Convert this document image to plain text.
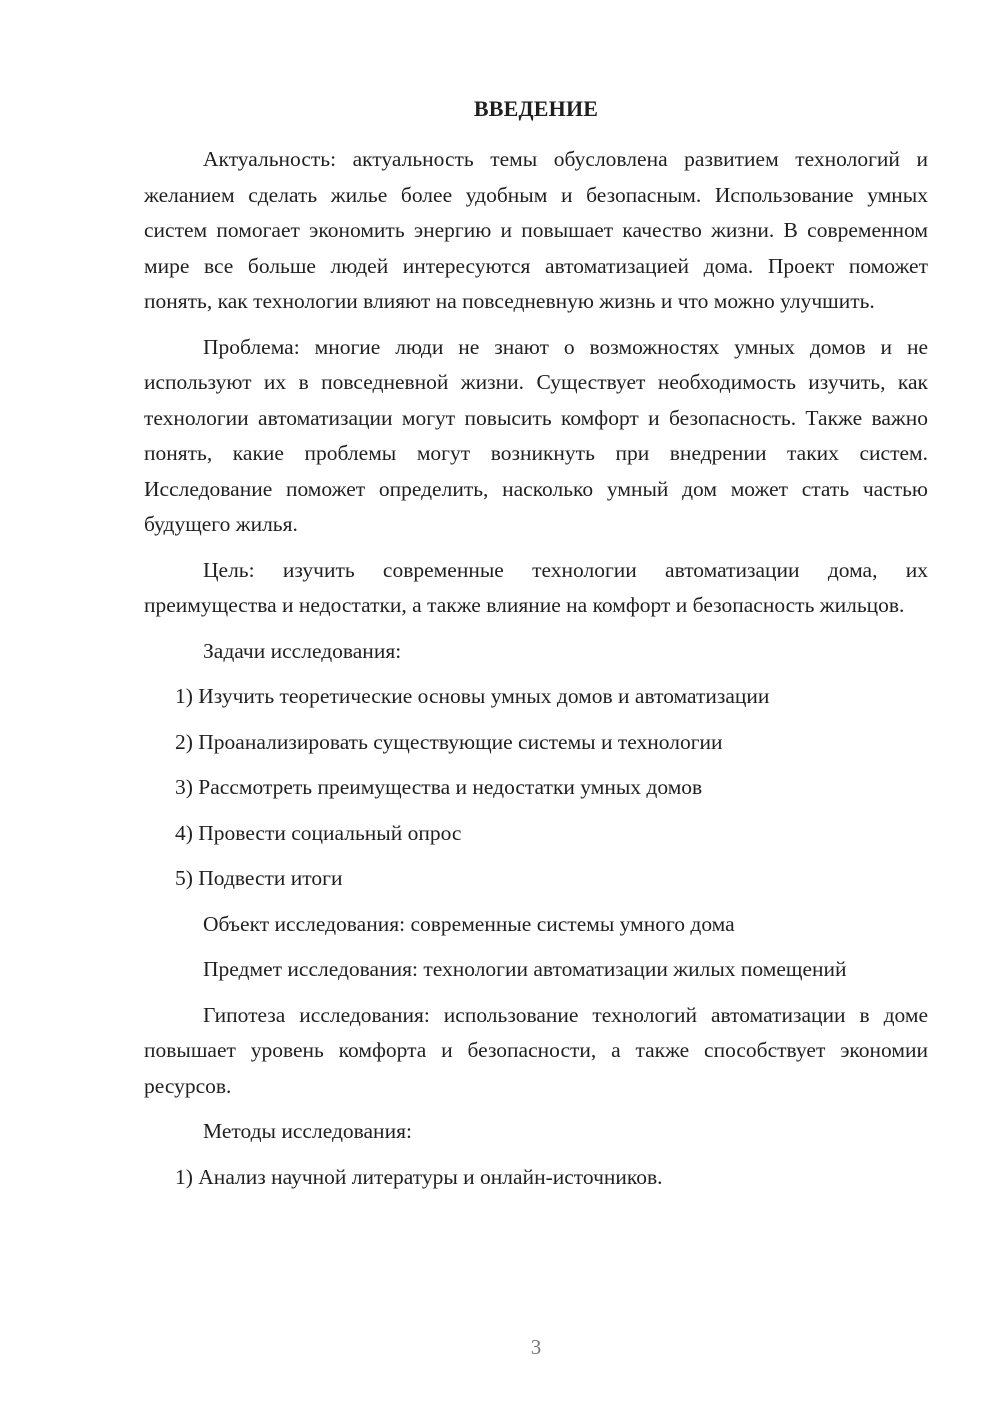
ВВЕДЕНИЕ

Актуальность: актуальность темы обусловлена развитием технологий и желанием сделать жилье более удобным и безопасным. Использование умных систем помогает экономить энергию и повышает качество жизни. В современном мире все больше людей интересуются автоматизацией дома. Проект поможет понять, как технологии влияют на повседневную жизнь и что можно улучшить.

Проблема: многие люди не знают о возможностях умных домов и не используют их в повседневной жизни. Существует необходимость изучить, как технологии автоматизации могут повысить комфорт и безопасность. Также важно понять, какие проблемы могут возникнуть при внедрении таких систем. Исследование поможет определить, насколько умный дом может стать частью будущего жилья.

Цель: изучить современные технологии автоматизации дома, их преимущества и недостатки, а также влияние на комфорт и безопасность жильцов.

Задачи исследования:

1) Изучить теоретические основы умных домов и автоматизации

2) Проанализировать существующие системы и технологии

3) Рассмотреть преимущества и недостатки умных домов

4) Провести социальный опрос

5) Подвести итоги

Объект исследования: современные системы умного дома

Предмет исследования: технологии автоматизации жилых помещений

Гипотеза исследования: использование технологий автоматизации в доме повышает уровень комфорта и безопасности, а также способствует экономии ресурсов.

Методы исследования:

1) Анализ научной литературы и онлайн-источников.

3
